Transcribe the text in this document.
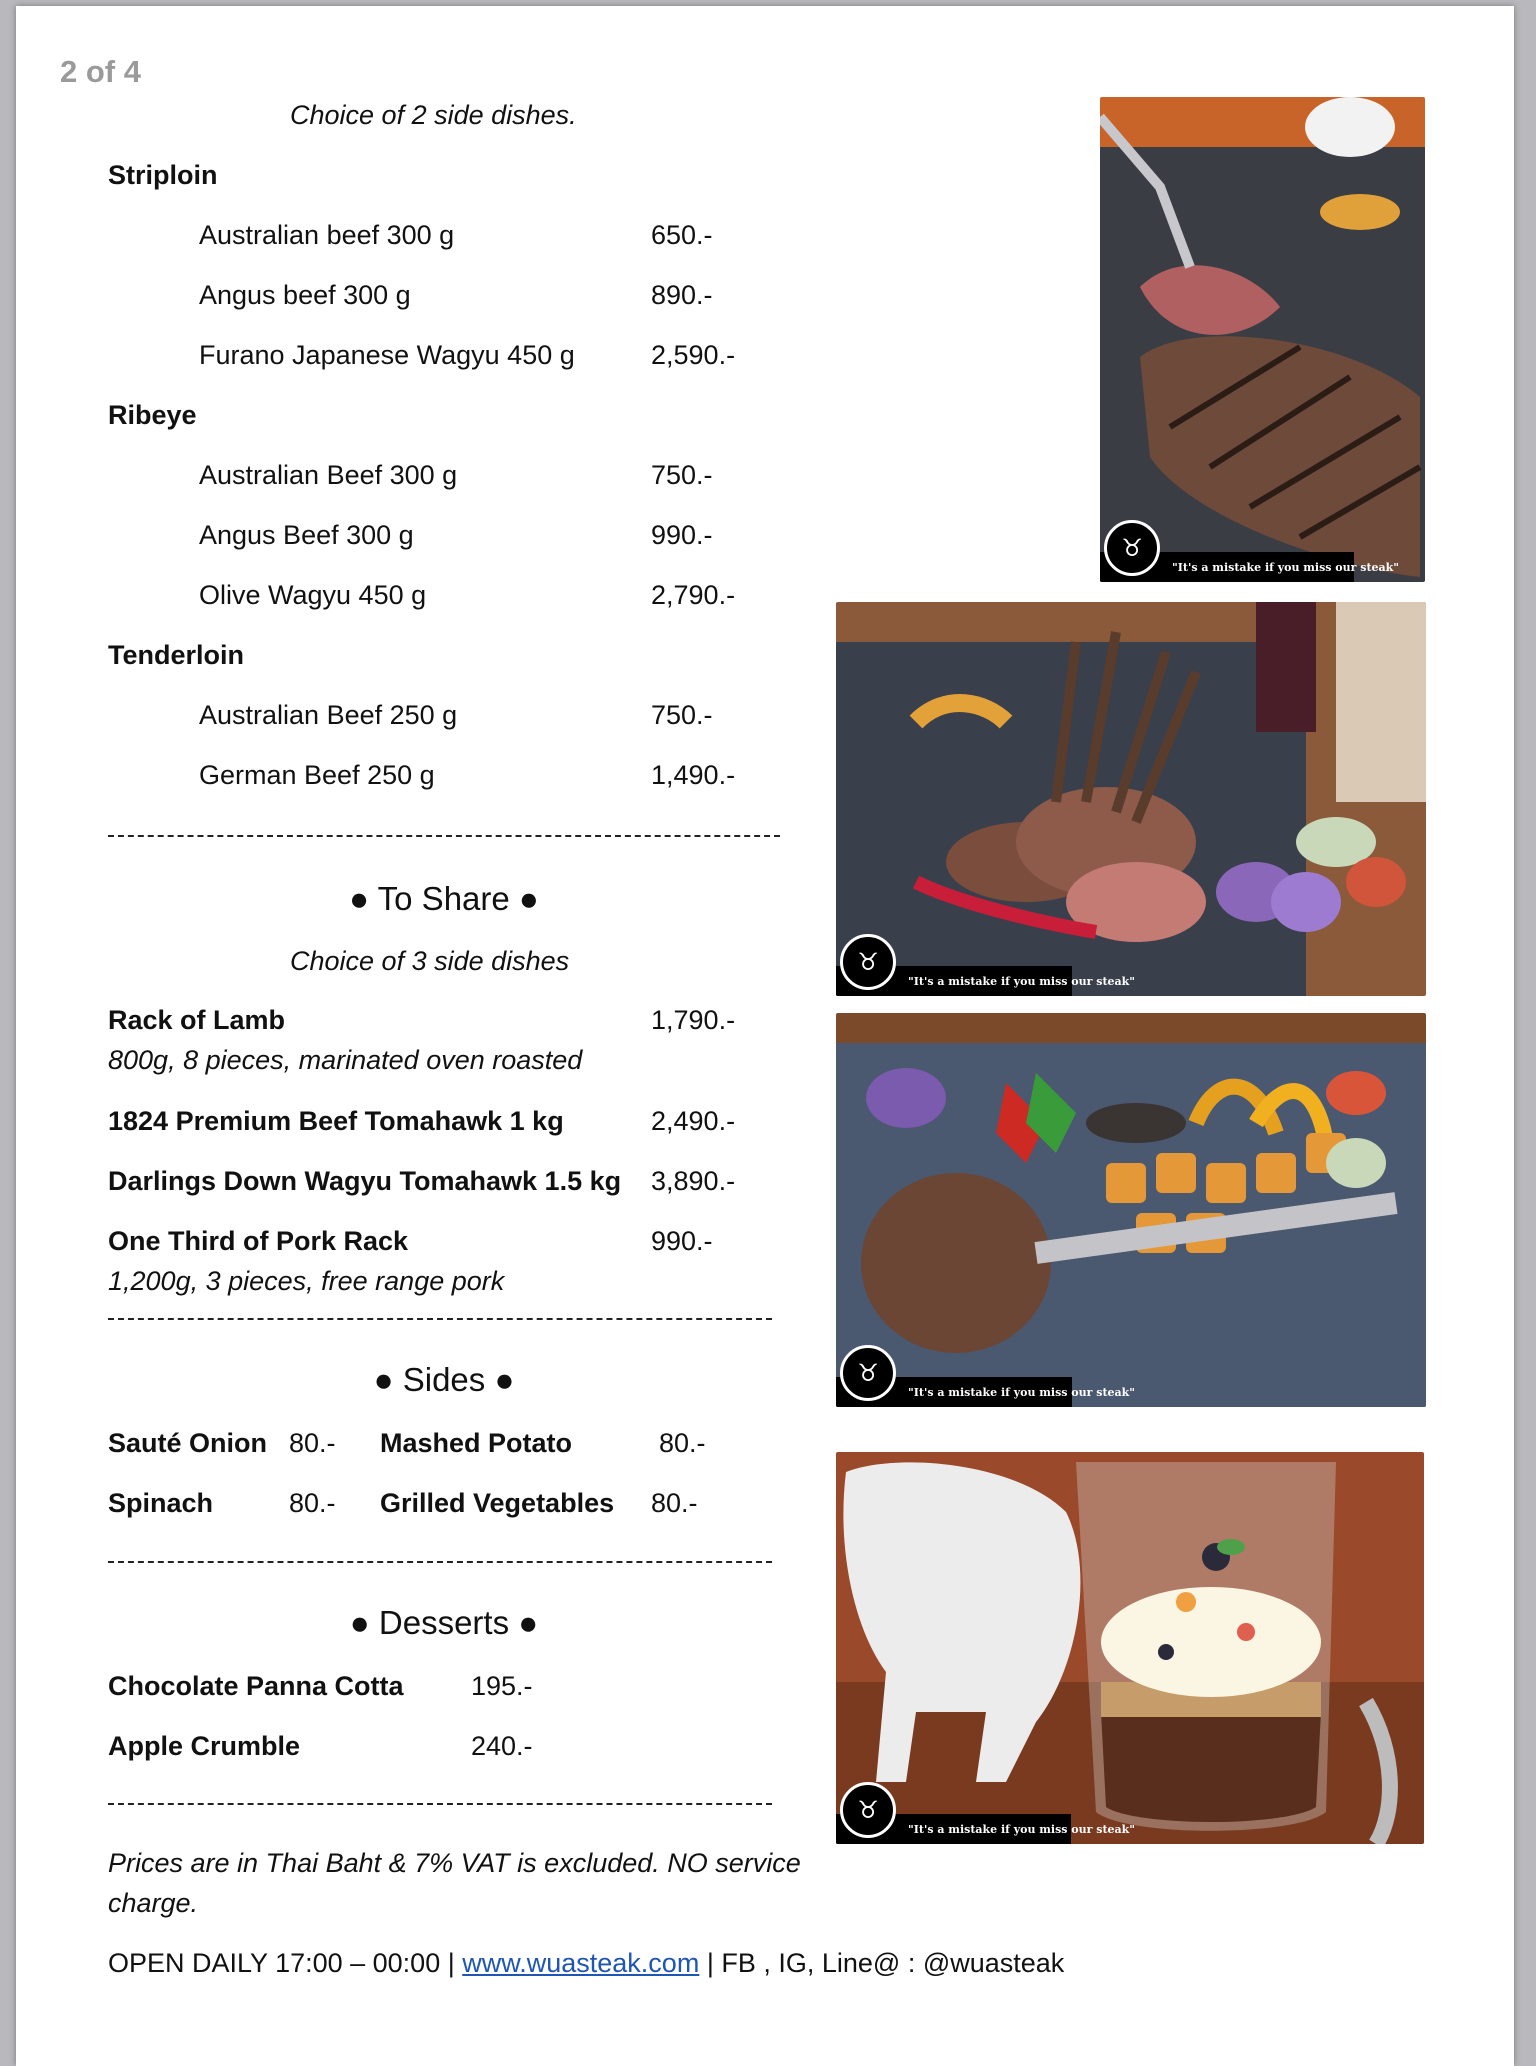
2 of 4
Choice of 2 side dishes.
Striploin
Australian beef 300 g	650.-
Angus beef 300 g	890.-
Furano Japanese Wagyu 450 g	2,590.-
Ribeye
Australian Beef 300 g	750.-
Angus Beef 300 g	990.-
Olive Wagyu 450 g	2,790.-
Tenderloin
Australian Beef 250 g	750.-
German Beef 250 g	1,490.-
● To Share ●
Choice of 3 side dishes
Rack of Lamb	1,790.-
800g, 8 pieces, marinated oven roasted
1824 Premium Beef Tomahawk 1 kg	2,490.-
Darlings Down Wagyu Tomahawk 1.5 kg 3,890.-
One Third of Pork Rack	990.-
1,200g, 3 pieces, free range pork
● Sides ●
Sauté Onion 80.- Mashed Potato	80.-
Spinach	80.- Grilled Vegetables 80.-
● Desserts ●
Chocolate Panna Cotta 195.-
Apple Crumble	240.-
Prices are in Thai Baht & 7% VAT is excluded. NO service
charge.
OPEN DAILY 17:00 – 00:00 | www.wuasteak.com | FB , IG, Line@ : @wuasteak
♉
"It's a mistake if you miss our steak"
♉
"It's a mistake if you miss our steak"
♉
"It's a mistake if you miss our steak"
♉
"It's a mistake if you miss our steak"
